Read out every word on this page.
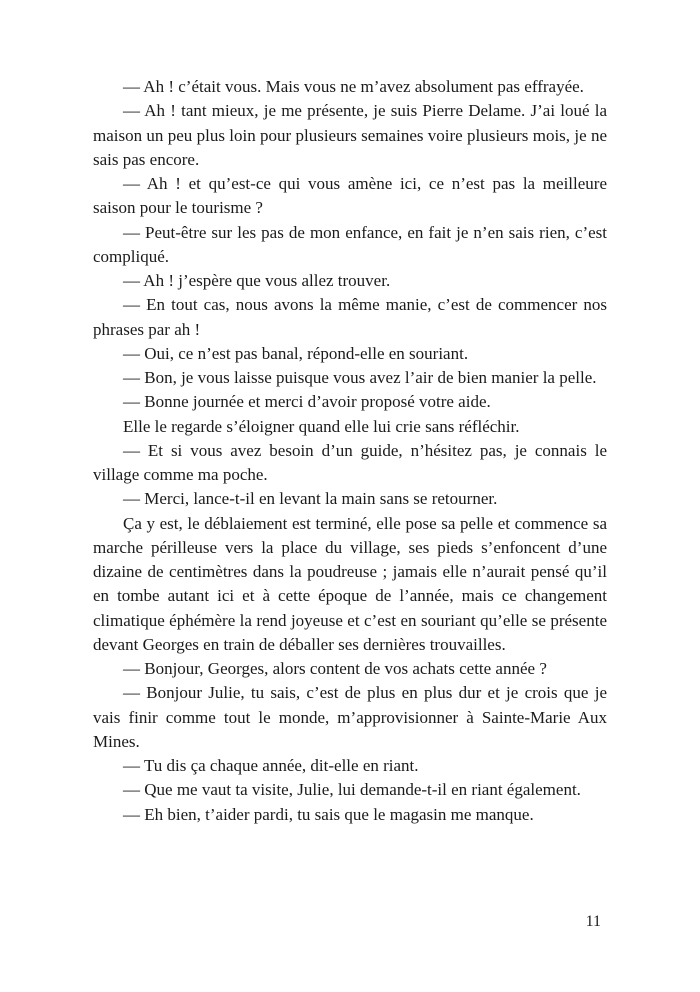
— Ah ! c’était vous. Mais vous ne m’avez absolument pas effrayée.

— Ah ! tant mieux, je me présente, je suis Pierre Delame. J’ai loué la maison un peu plus loin pour plusieurs semaines voire plusieurs mois, je ne sais pas encore.

— Ah ! et qu’est-ce qui vous amène ici, ce n’est pas la meilleure saison pour le tourisme ?

— Peut-être sur les pas de mon enfance, en fait je n’en sais rien, c’est compliqué.

— Ah ! j’espère que vous allez trouver.

— En tout cas, nous avons la même manie, c’est de commencer nos phrases par ah !

— Oui, ce n’est pas banal, répond-elle en souriant.

— Bon, je vous laisse puisque vous avez l’air de bien manier la pelle.

— Bonne journée et merci d’avoir proposé votre aide.

Elle le regarde s’éloigner quand elle lui crie sans réfléchir.

— Et si vous avez besoin d’un guide, n’hésitez pas, je connais le village comme ma poche.

— Merci, lance-t-il en levant la main sans se retourner.

Ça y est, le déblaiement est terminé, elle pose sa pelle et commence sa marche périlleuse vers la place du village, ses pieds s’enfoncent d’une dizaine de centimètres dans la poudreuse ; jamais elle n’aurait pensé qu’il en tombe autant ici et à cette époque de l’année, mais ce changement climatique éphémère la rend joyeuse et c’est en souriant qu’elle se présente devant Georges en train de déballer ses dernières trouvailles.

— Bonjour, Georges, alors content de vos achats cette année ?

— Bonjour Julie, tu sais, c’est de plus en plus dur et je crois que je vais finir comme tout le monde, m’approvisionner à Sainte-Marie Aux Mines.

— Tu dis ça chaque année, dit-elle en riant.

— Que me vaut ta visite, Julie, lui demande-t-il en riant également.

— Eh bien, t’aider pardi, tu sais que le magasin me manque.

11
